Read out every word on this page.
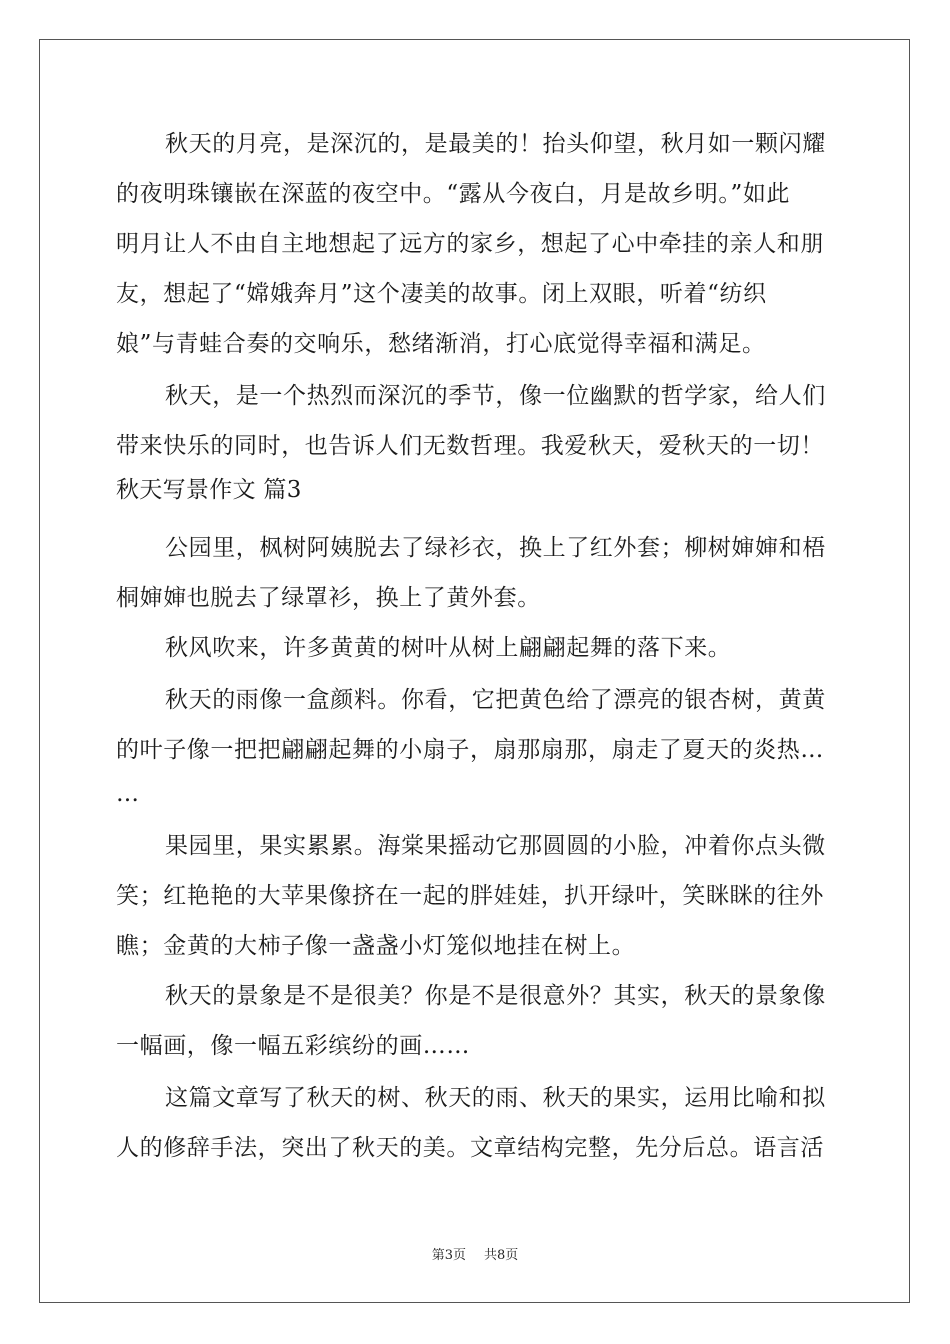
秋天的月亮，是深沉的，是最美的！抬头仰望，秋月如一颗闪耀
的夜明珠镶嵌在深蓝的夜空中。“露从今夜白，月是故乡明。”如此
明月让人不由自主地想起了远方的家乡，想起了心中牵挂的亲人和朋
友，想起了“嫦娥奔月”这个凄美的故事。闭上双眼，听着“纺织
娘”与青蛙合奏的交响乐，愁绪渐消，打心底觉得幸福和满足。
秋天，是一个热烈而深沉的季节，像一位幽默的哲学家，给人们
带来快乐的同时，也告诉人们无数哲理。我爱秋天，爱秋天的一切！
秋天写景作文 篇3
公园里，枫树阿姨脱去了绿衫衣，换上了红外套；柳树婶婶和梧
桐婶婶也脱去了绿罩衫，换上了黄外套。
秋风吹来，许多黄黄的树叶从树上翩翩起舞的落下来。
秋天的雨像一盒颜料。你看，它把黄色给了漂亮的银杏树，黄黄
的叶子像一把把翩翩起舞的小扇子，扇那扇那，扇走了夏天的炎热…
…
果园里，果实累累。海棠果摇动它那圆圆的小脸，冲着你点头微
笑；红艳艳的大苹果像挤在一起的胖娃娃，扒开绿叶，笑眯眯的往外
瞧；金黄的大柿子像一盏盏小灯笼似地挂在树上。
秋天的景象是不是很美？你是不是很意外？其实，秋天的景象像
一幅画，像一幅五彩缤纷的画……
这篇文章写了秋天的树、秋天的雨、秋天的果实，运用比喻和拟
人的修辞手法，突出了秋天的美。文章结构完整，先分后总。语言活
第3页 共8页
